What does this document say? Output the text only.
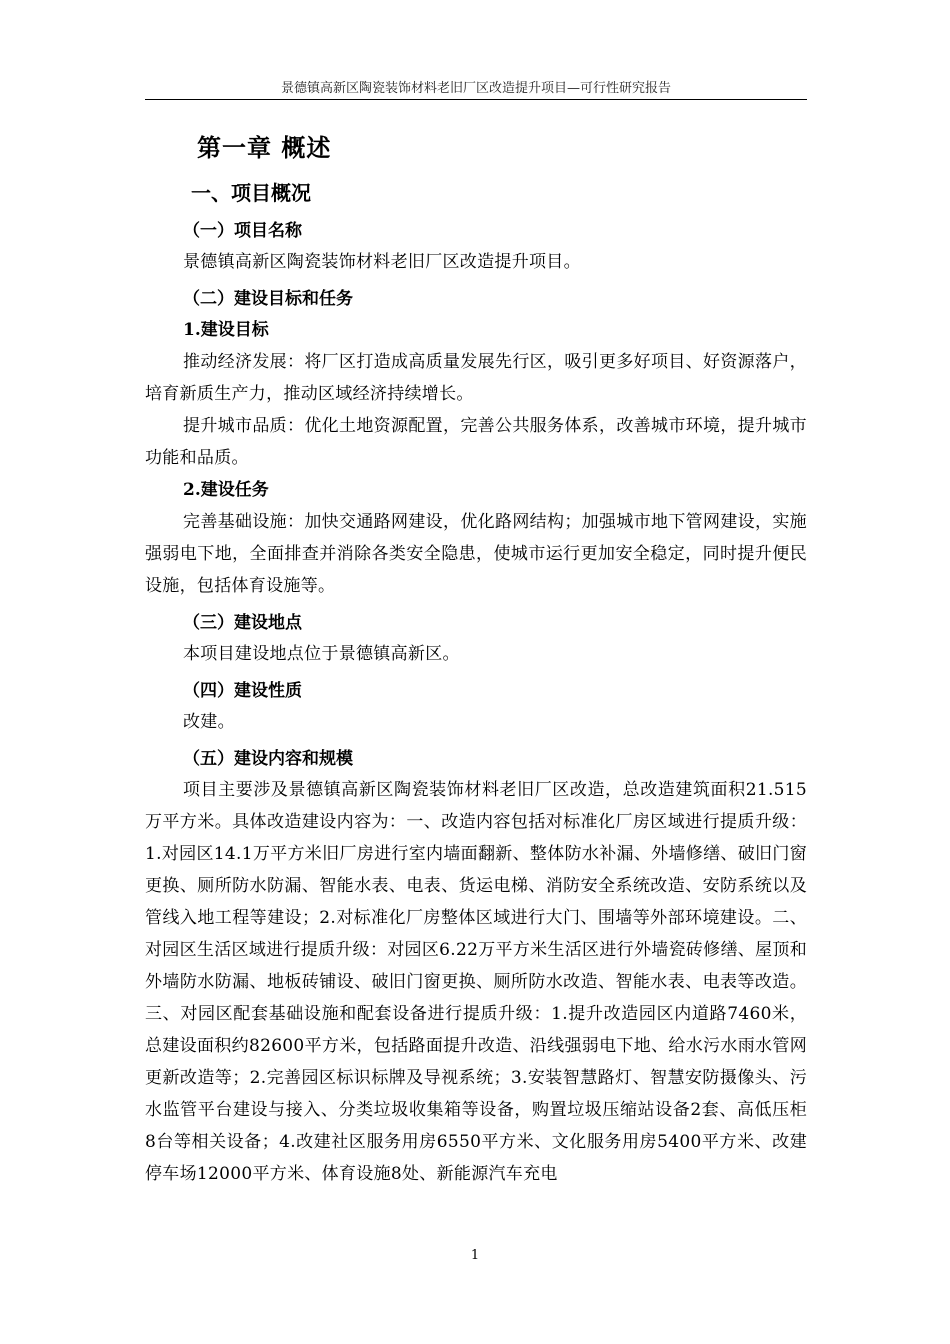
景德镇高新区陶瓷装饰材料老旧厂区改造提升项目—可行性研究报告
第一章 概述
一、项目概况
（一）项目名称

景德镇高新区陶瓷装饰材料老旧厂区改造提升项目。

（二）建设目标和任务
1.建设目标

推动经济发展：将厂区打造成高质量发展先行区，吸引更多好项目、好资源落户，培育新质生产力，推动区域经济持续增长。

提升城市品质：优化土地资源配置，完善公共服务体系，改善城市环境，提升城市功能和品质。

2.建设任务

完善基础设施：加快交通路网建设，优化路网结构；加强城市地下管网建设，实施强弱电下地，全面排查并消除各类安全隐患，使城市运行更加安全稳定，同时提升便民设施，包括体育设施等。

（三）建设地点

本项目建设地点位于景德镇高新区。

（四）建设性质

改建。

（五）建设内容和规模

项目主要涉及景德镇高新区陶瓷装饰材料老旧厂区改造，总改造建筑面积21.515万平方米。具体改造建设内容为：一、改造内容包括对标准化厂房区域进行提质升级：1.对园区14.1万平方米旧厂房进行室内墙面翻新、整体防水补漏、外墙修缮、破旧门窗更换、厕所防水防漏、智能水表、电表、货运电梯、消防安全系统改造、安防系统以及管线入地工程等建设；2.对标准化厂房整体区域进行大门、围墙等外部环境建设。二、对园区生活区域进行提质升级：对园区6.22万平方米生活区进行外墙瓷砖修缮、屋顶和外墙防水防漏、地板砖铺设、破旧门窗更换、厕所防水改造、智能水表、电表等改造。三、对园区配套基础设施和配套设备进行提质升级：1.提升改造园区内道路7460米，总建设面积约82600平方米，包括路面提升改造、沿线强弱电下地、给水污水雨水管网更新改造等；2.完善园区标识标牌及导视系统；3.安装智慧路灯、智慧安防摄像头、污水监管平台建设与接入、分类垃圾收集箱等设备，购置垃圾压缩站设备2套、高低压柜8台等相关设备；4.改建社区服务用房6550平方米、文化服务用房5400平方米、改建停车场12000平方米、体育设施8处、新能源汽车充电

1
